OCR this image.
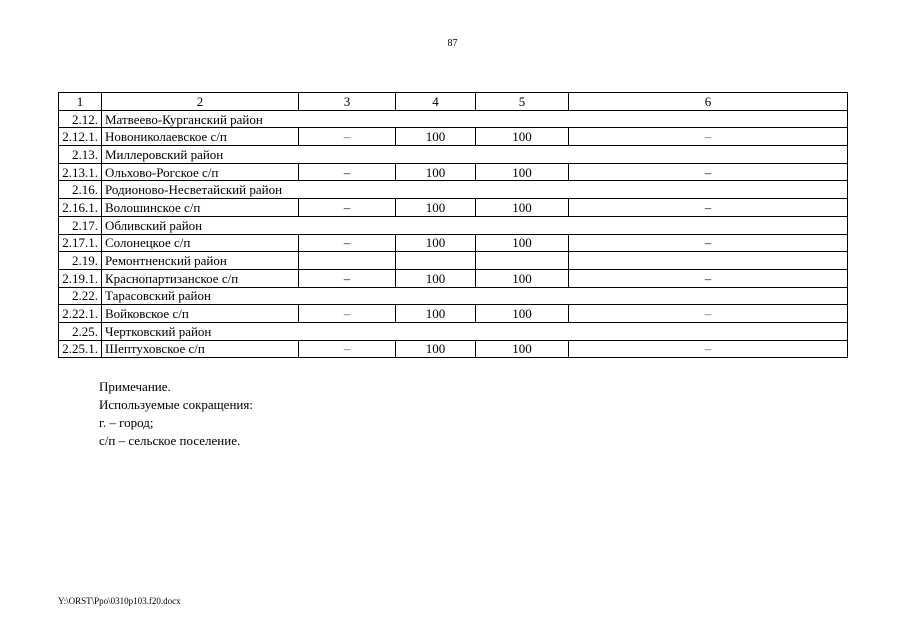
87
1	2	3	4	5	6
2.12.	Матвеево-Курганский район				
2.12.1.	Новониколаевское с/п	–	100	100	–
2.13.	Миллеровский район				
2.13.1.	Ольхово-Рогское с/п	–	100	100	–
2.16.	Родионово-Несветайский район				
2.16.1.	Волошинское с/п	–	100	100	–
2.17.	Обливский район				
2.17.1.	Солонецкое с/п	–	100	100	–
2.19.	Ремонтненский район				
2.19.1.	Краснопартизанское с/п	–	100	100	–
2.22.	Тарасовский район				
2.22.1.	Войковское с/п	–	100	100	–
2.25.	Чертковский район				
2.25.1.	Шептуховское с/п	–	100	100	–
Примечание.
Используемые сокращения:
г. – город;
с/п – сельское поселение.
Y:\ORST\Ppo\0310p103.f20.docx
